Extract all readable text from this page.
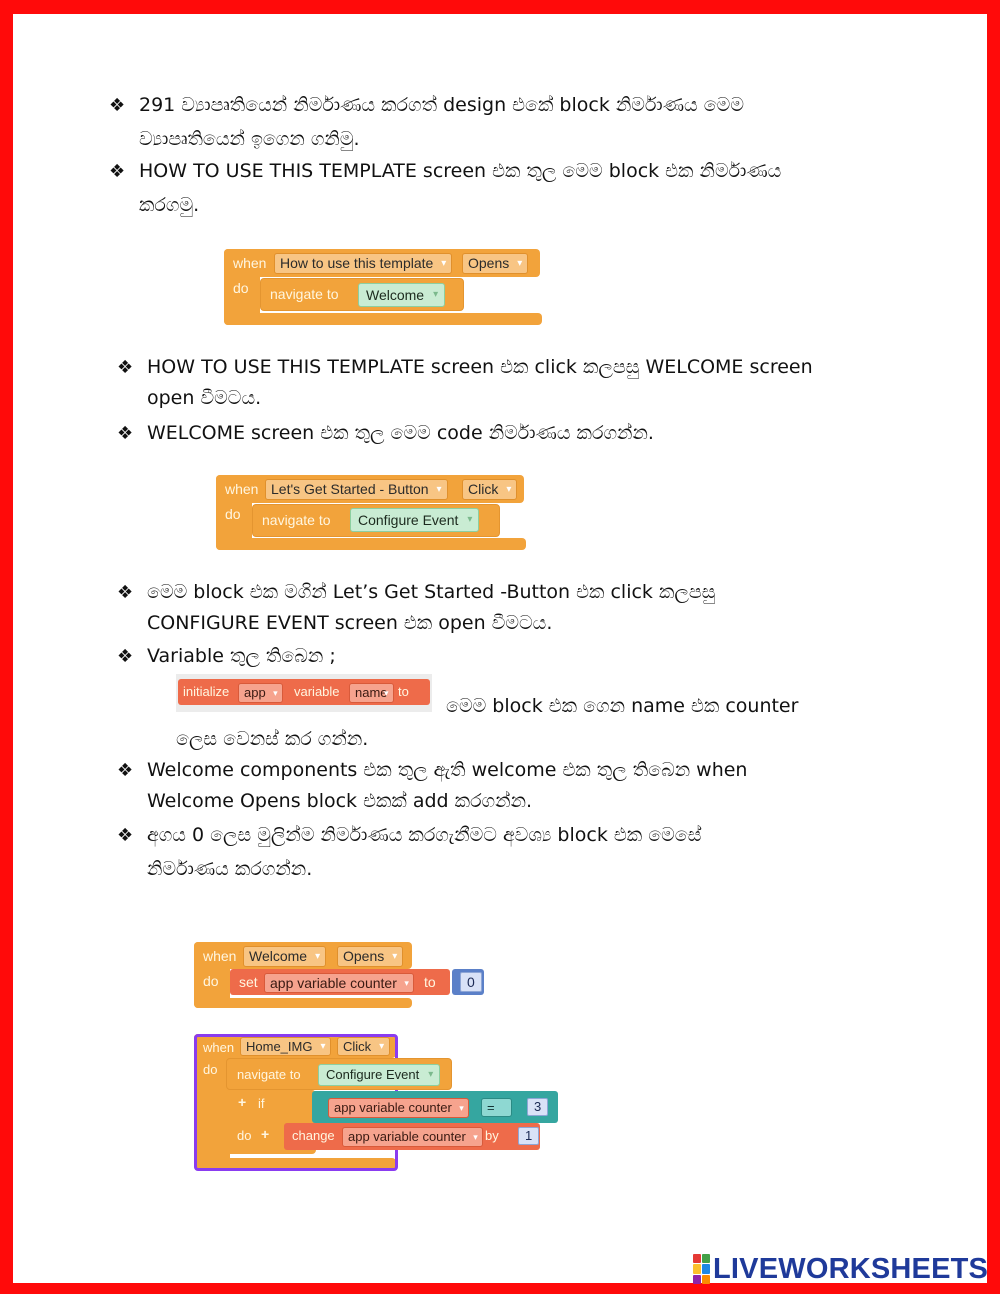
❖ 291 ව්‍යාපෘතියෙන් නිර්මාණය කරගත් design එකේ block නිර්මාණය මෙම

ව්‍යාපෘතියෙන් ඉගෙන ගනිමු.

❖ HOW TO USE THIS TEMPLATE screen එක තුල මෙම block එක නිර්මාණය

කරගමු.

when How to use this template ▾	Opens ▾
do navigate to	Welcome ▾
❖ HOW TO USE THIS TEMPLATE screen එක click කලපසු WELCOME screen

open වීමටය.

❖ WELCOME screen එක තුල මෙම code නිර්මාණය කරගන්න.

when Let's Get Started - Button ▾	Click ▾
do navigate to	Configure Event ▾
❖ මෙම block එක මගින් Let’s Get Started -Button එක click කලපසු

CONFIGURE EVENT screen එක open වීමටය.

❖ Variable තුල තිබෙන ;

initialize	app ▾	variable	name ▾ to

මෙම block එක ගෙන name එක counter

ලෙස වෙනස් කර ගන්න.

❖ Welcome components එක තුල ඇති welcome එක තුල තිබෙන when

Welcome Opens block එකක් add කරගන්න.

❖ අගය 0 ලෙස මුලින්ම නිර්මාණය කරගැනීමට අවශ්‍ය block එක මෙසේ

නිර්මාණය කරගන්න.

when Welcome ▾	Opens ▾
do set app variable counter ▾	to	0
when Home_IMG ▾	Click ▾
do navigate to	Configure Event ▾
+ if	app variable counter ▾	=	3
do + change	app variable counter ▾	by	1
LIVEWORKSHEETS
